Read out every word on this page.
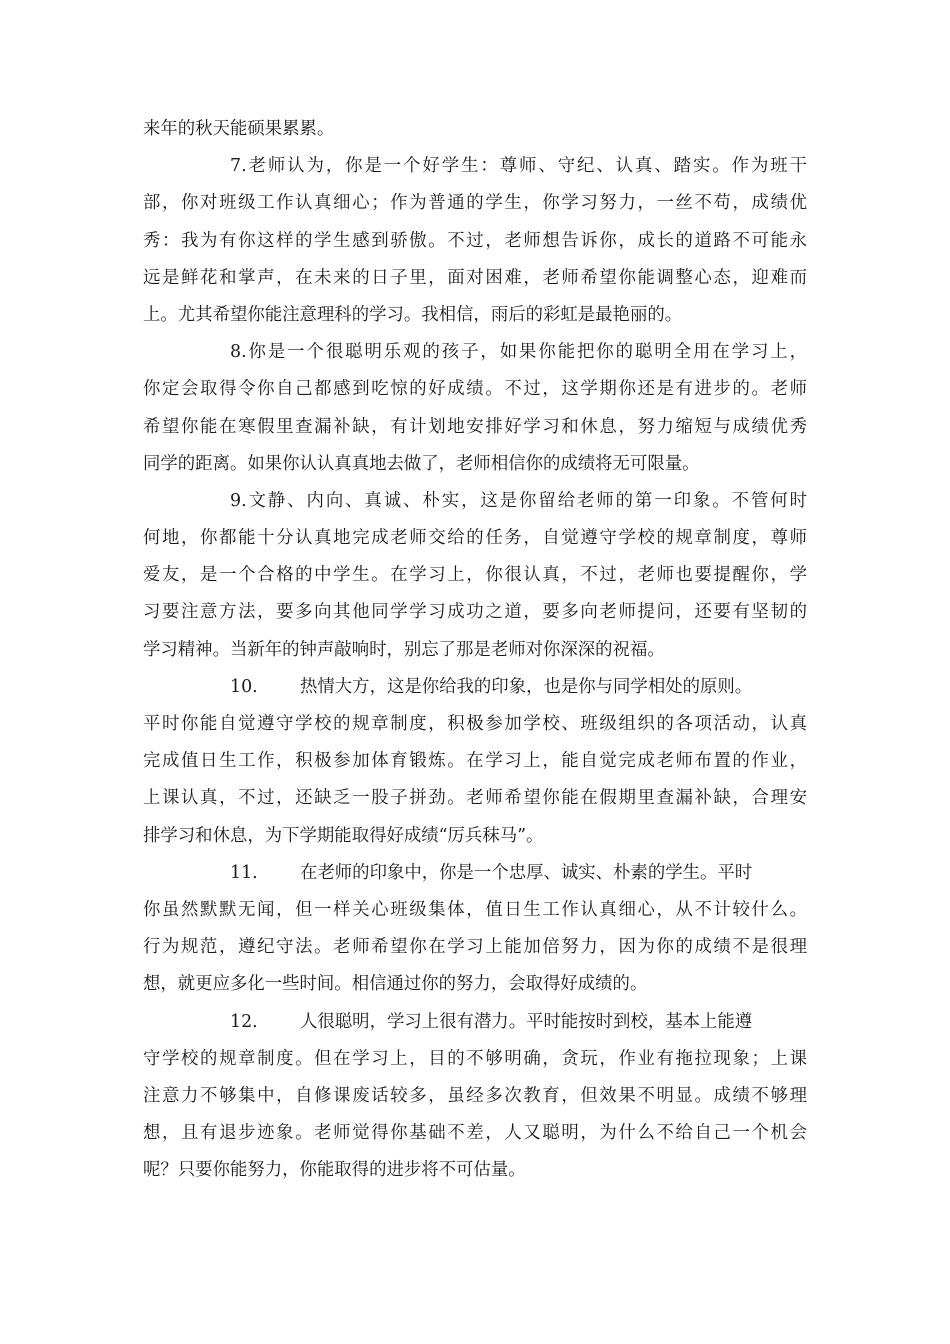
来年的秋天能硕果累累。
7.老师认为，你是一个好学生：尊师、守纪、认真、踏实。作为班干
部，你对班级工作认真细心；作为普通的学生，你学习努力，一丝不苟，成绩优
秀：我为有你这样的学生感到骄傲。不过，老师想告诉你，成长的道路不可能永
远是鲜花和掌声，在未来的日子里，面对困难，老师希望你能调整心态，迎难而
上。尤其希望你能注意理科的学习。我相信，雨后的彩虹是最艳丽的。
8.你是一个很聪明乐观的孩子，如果你能把你的聪明全用在学习上，
你定会取得令你自己都感到吃惊的好成绩。不过，这学期你还是有进步的。老师
希望你能在寒假里查漏补缺，有计划地安排好学习和休息，努力缩短与成绩优秀
同学的距离。如果你认认真真地去做了，老师相信你的成绩将无可限量。
9.文静、内向、真诚、朴实，这是你留给老师的第一印象。不管何时
何地，你都能十分认真地完成老师交给的任务，自觉遵守学校的规章制度，尊师
爱友，是一个合格的中学生。在学习上，你很认真，不过，老师也要提醒你，学
习要注意方法，要多向其他同学学习成功之道，要多向老师提问，还要有坚韧的
学习精神。当新年的钟声敲响时，别忘了那是老师对你深深的祝福。
10. 热情大方，这是你给我的印象，也是你与同学相处的原则。
平时你能自觉遵守学校的规章制度，积极参加学校、班级组织的各项活动，认真
完成值日生工作，积极参加体育锻炼。在学习上，能自觉完成老师布置的作业，
上课认真，不过，还缺乏一股子拼劲。老师希望你能在假期里查漏补缺，合理安
排学习和休息，为下学期能取得好成绩“厉兵秣马”。
11. 在老师的印象中，你是一个忠厚、诚实、朴素的学生。平时
你虽然默默无闻，但一样关心班级集体，值日生工作认真细心，从不计较什么。
行为规范，遵纪守法。老师希望你在学习上能加倍努力，因为你的成绩不是很理
想，就更应多化一些时间。相信通过你的努力，会取得好成绩的。
12. 人很聪明，学习上很有潜力。平时能按时到校，基本上能遵
守学校的规章制度。但在学习上，目的不够明确，贪玩，作业有拖拉现象；上课
注意力不够集中，自修课废话较多，虽经多次教育，但效果不明显。成绩不够理
想，且有退步迹象。老师觉得你基础不差，人又聪明，为什么不给自己一个机会
呢？只要你能努力，你能取得的进步将不可估量。
